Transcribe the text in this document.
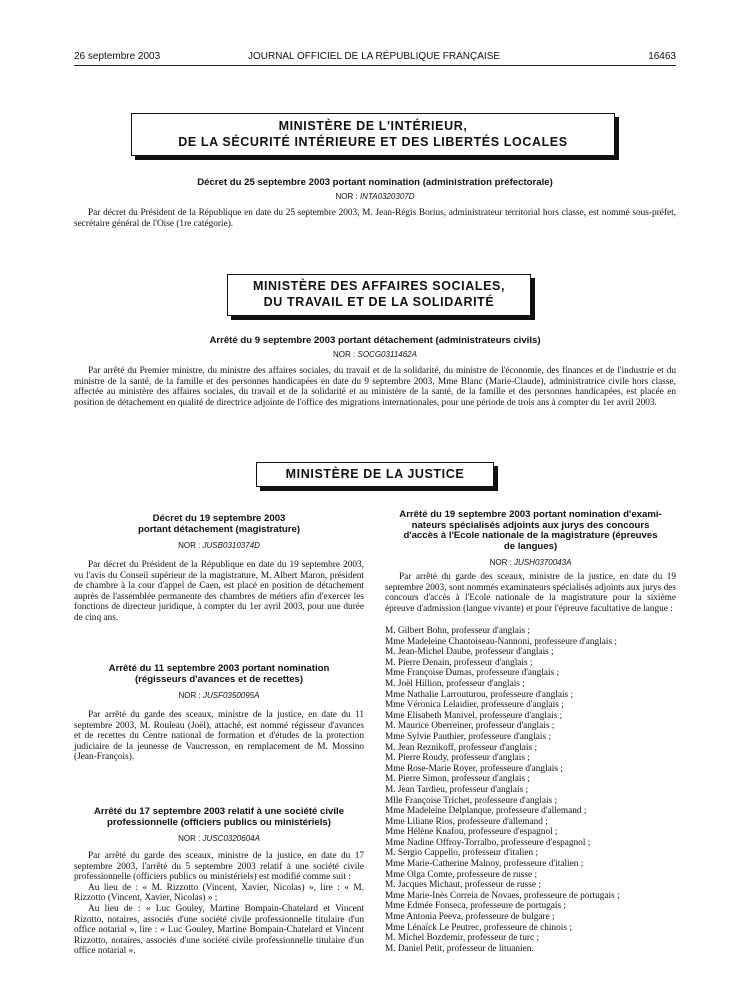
26 septembre 2003	JOURNAL OFFICIEL DE LA RÉPUBLIQUE FRANÇAISE	16463
MINISTÈRE DE L'INTÉRIEUR,
DE LA SÉCURITÉ INTÉRIEURE ET DES LIBERTÉS LOCALES
Décret du 25 septembre 2003 portant nomination (administration préfectorale)
NOR : INTA0320307D

Par décret du Président de la République en date du 25 septembre 2003, M. Jean-Régis Borius, administrateur territorial hors classe, est nommé sous-préfet, secrétaire général de l'Oise (1re catégorie).

MINISTÈRE DES AFFAIRES SOCIALES,
DU TRAVAIL ET DE LA SOLIDARITÉ
Arrêté du 9 septembre 2003 portant détachement (administrateurs civils)
NOR : SOCG0311462A

Par arrêté du Premier ministre, du ministre des affaires sociales, du travail et de la solidarité, du ministre de l'économie, des finances et de l'industrie et du ministre de la santé, de la famille et des personnes handicapées en date du 9 septembre 2003, Mme Blanc (Marie-Claude), administratrice civile hors classe, affectée au ministère des affaires sociales, du travail et de la solidarité et au ministère de la santé, de la famille et des personnes handicapées, est placée en position de détachement en qualité de directrice adjointe de l'office des migrations internationales, pour une période de trois ans à compter du 1er avril 2003.

MINISTÈRE DE LA JUSTICE
Décret du 19 septembre 2003
portant détachement (magistrature)
NOR : JUSB0310374D

Par décret du Président de la République en date du 19 septembre 2003, vu l'avis du Conseil supérieur de la magistrature, M. Albert Maron, président de chambre à la cour d'appel de Caen, est placé en position de détachement auprès de l'assemblée permanente des chambres de métiers afin d'exercer les fonctions de directeur juridique, à compter du 1er avril 2003, pour une durée de cinq ans.

Arrêté du 11 septembre 2003 portant nomination
(régisseurs d'avances et de recettes)
NOR : JUSF0350095A

Par arrêté du garde des sceaux, ministre de la justice, en date du 11 septembre 2003, M. Rouleau (Joël), attaché, est nommé régisseur d'avances et de recettes du Centre national de formation et d'études de la protection judiciaire de la jeunesse de Vaucresson, en remplacement de M. Mossino (Jean-François).

Arrêté du 17 septembre 2003 relatif à une société civile
professionnelle (officiers publics ou ministériels)
NOR : JUSC0320604A

Par arrêté du garde des sceaux, ministre de la justice, en date du 17 septembre 2003, l'arrêté du 5 septembre 2003 relatif à une société civile professionnelle (officiers publics ou ministériels) est modifié comme suit :

Au lieu de : « M. Rizzotto (Vincent, Xavier, Nicolas) », lire : « M. Rizzotto (Vincent, Xavier, Nicolas) » ;

Au lieu de : « Luc Gouley, Martine Bompain-Chatelard et Vincent Rizotto, notaires, associés d'une société civile professionnelle titulaire d'un office notarial », lire : « Luc Gouley, Martine Bompain-Chatelard et Vincent Rizzotto, notaires, associés d'une société civile professionnelle titulaire d'un office notarial ».

Arrêté du 19 septembre 2003 portant nomination d'exami-
nateurs spécialisés adjoints aux jurys des concours
d'accès à l'Ecole nationale de la magistrature (épreuves
de langues)
NOR : JUSH0370043A

Par arrêté du garde des sceaux, ministre de la justice, en date du 19 septembre 2003, sont nommés examinateurs spécialisés adjoints aux jurys des concours d'accès à l'Ecole nationale de la magistrature pour la sixième épreuve d'admission (langue vivante) et pour l'épreuve facultative de langue :

M. Gilbert Bohn, professeur d'anglais ;
Mme Madeleine Chantoiseau-Nannoni, professeure d'anglais ;
M. Jean-Michel Daube, professeur d'anglais ;
M. Pierre Denain, professeur d'anglais ;
Mme Françoise Dumas, professeure d'anglais ;
M. Joël Hillion, professeur d'anglais ;
Mme Nathalie Larrouturou, professeure d'anglais ;
Mme Véronica Lelaidier, professeure d'anglais ;
Mme Elisabeth Manivel, professeure d'anglais ;
M. Maurice Oberreiner, professeur d'anglais ;
Mme Sylvie Pauthier, professeure d'anglais ;
M. Jean Reznikoff, professeur d'anglais ;
M. Pierre Roudy, professeur d'anglais ;
Mme Rose-Marie Royer, professeure d'anglais ;
M. Pierre Simon, professeur d'anglais ;
M. Jean Tardieu, professeur d'anglais ;
Mlle Françoise Trichet, professeure d'anglais ;
Mme Madeleine Delplanque, professeure d'allemand ;
Mme Liliane Rios, professeure d'allemand ;
Mme Hélène Knafou, professeure d'espagnol ;
Mme Nadine Offroy-Torralbo, professeure d'espagnol ;
M. Sergio Cappello, professeur d'italien ;
Mme Marie-Catherine Malnoy, professeure d'italien ;
Mme Olga Comte, professeure de russe ;
M. Jacques Michaut, professeur de russe ;
Mme Marie-Inès Correia de Novaes, professeure de portugais ;
Mme Edmée Fonseca, professeure de portugais ;
Mme Antonia Peeva, professeure de bulgare ;
Mme Lénaïck Le Peutrec, professeure de chinois ;
M. Michel Bozdemir, professeur de turc ;
M. Daniel Petit, professeur de lituanien.
